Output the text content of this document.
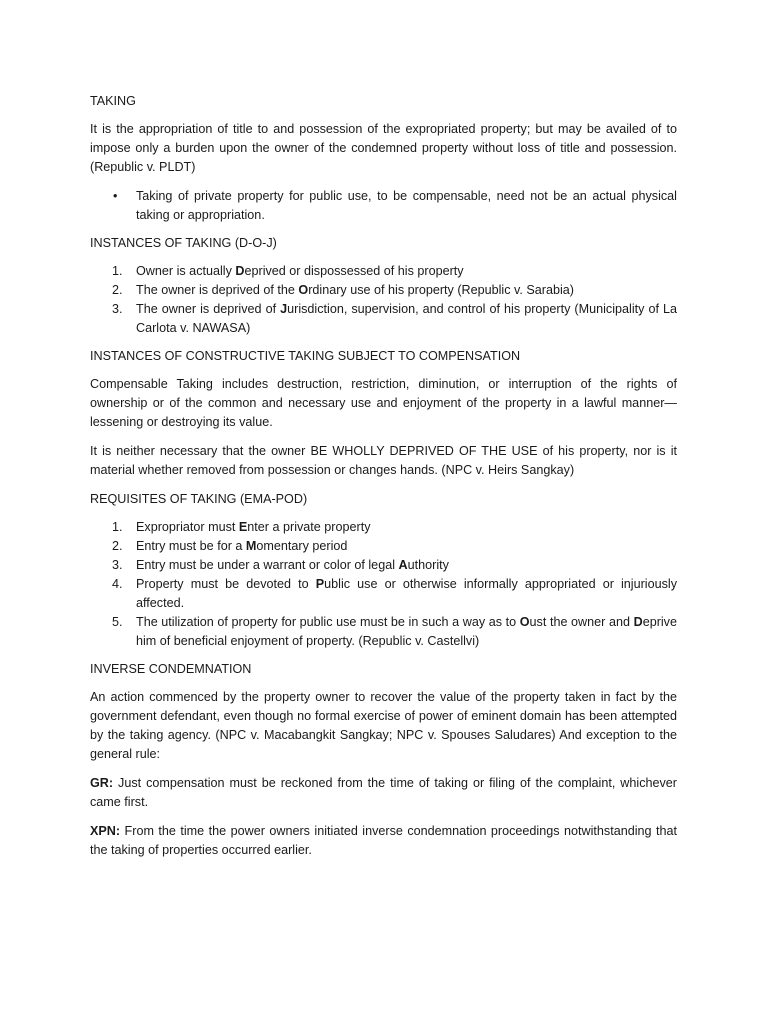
TAKING
It is the appropriation of title to and possession of the expropriated property; but may be availed of to impose only a burden upon the owner of the condemned property without loss of title and possession. (Republic v. PLDT)
• Taking of private property for public use, to be compensable, need not be an actual physical taking or appropriation.
INSTANCES OF TAKING (D-O-J)
1. Owner is actually Deprived or dispossessed of his property
2. The owner is deprived of the Ordinary use of his property (Republic v. Sarabia)
3. The owner is deprived of Jurisdiction, supervision, and control of his property (Municipality of La Carlota v. NAWASA)
INSTANCES OF CONSTRUCTIVE TAKING SUBJECT TO COMPENSATION
Compensable Taking includes destruction, restriction, diminution, or interruption of the rights of ownership or of the common and necessary use and enjoyment of the property in a lawful manner—lessening or destroying its value.
It is neither necessary that the owner BE WHOLLY DEPRIVED OF THE USE of his property, nor is it material whether removed from possession or changes hands. (NPC v. Heirs Sangkay)
REQUISITES OF TAKING (EMA-POD)
1. Expropriator must Enter a private property
2. Entry must be for a Momentary period
3. Entry must be under a warrant or color of legal Authority
4. Property must be devoted to Public use or otherwise informally appropriated or injuriously affected.
5. The utilization of property for public use must be in such a way as to Oust the owner and Deprive him of beneficial enjoyment of property. (Republic v. Castellvi)
INVERSE CONDEMNATION
An action commenced by the property owner to recover the value of the property taken in fact by the government defendant, even though no formal exercise of power of eminent domain has been attempted by the taking agency. (NPC v. Macabangkit Sangkay; NPC v. Spouses Saludares) And exception to the general rule:
GR: Just compensation must be reckoned from the time of taking or filing of the complaint, whichever came first.
XPN: From the time the power owners initiated inverse condemnation proceedings notwithstanding that the taking of properties occurred earlier.
